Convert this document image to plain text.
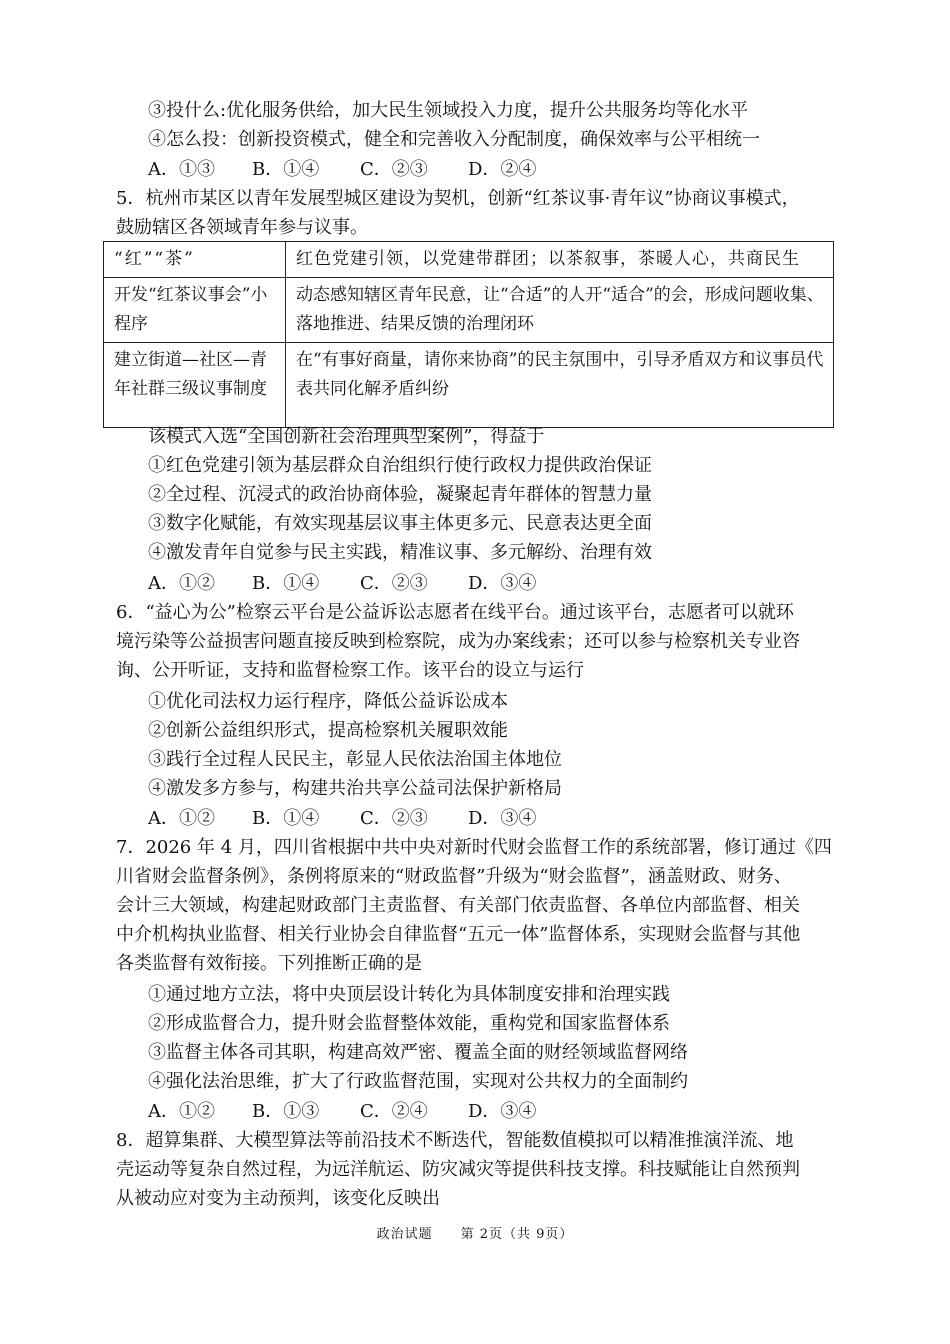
③投什么:优化服务供给，加大民生领域投入力度，提升公共服务均等化水平
④怎么投：创新投资模式，健全和完善收入分配制度，确保效率与公平相统一
A．①③ B．①④ C．②③ D．②④
5．杭州市某区以青年发展型城区建设为契机，创新“红茶议事·青年议”协商议事模式，
鼓励辖区各领域青年参与议事。
“红”“茶”	红色党建引领，以党建带群团；以茶叙事，茶暖人心，共商民生
开发“红茶议事会”小程序	动态感知辖区青年民意，让“合适”的人开“适合”的会，形成问题收集、落地推进、结果反馈的治理闭环
建立街道—社区—青年社群三级议事制度	在“有事好商量，请你来协商”的民主氛围中，引导矛盾双方和议事员代表共同化解矛盾纠纷
该模式入选“全国创新社会治理典型案例”，得益于
①红色党建引领为基层群众自治组织行使行政权力提供政治保证
②全过程、沉浸式的政治协商体验，凝聚起青年群体的智慧力量
③数字化赋能，有效实现基层议事主体更多元、民意表达更全面
④激发青年自觉参与民主实践，精准议事、多元解纷、治理有效
A．①② B．①④ C．②③ D．③④
6．“益心为公”检察云平台是公益诉讼志愿者在线平台。通过该平台，志愿者可以就环
境污染等公益损害问题直接反映到检察院，成为办案线索；还可以参与检察机关专业咨
询、公开听证，支持和监督检察工作。该平台的设立与运行
①优化司法权力运行程序，降低公益诉讼成本
②创新公益组织形式，提高检察机关履职效能
③践行全过程人民民主，彰显人民依法治国主体地位
④激发多方参与，构建共治共享公益司法保护新格局
A．①② B．①④ C．②③ D．③④
7．2026 年 4 月，四川省根据中共中央对新时代财会监督工作的系统部署，修订通过《四
川省财会监督条例》，条例将原来的“财政监督”升级为“财会监督”，涵盖财政、财务、
会计三大领域，构建起财政部门主责监督、有关部门依责监督、各单位内部监督、相关
中介机构执业监督、相关行业协会自律监督“五元一体”监督体系，实现财会监督与其他
各类监督有效衔接。下列推断正确的是
①通过地方立法，将中央顶层设计转化为具体制度安排和治理实践
②形成监督合力，提升财会监督整体效能，重构党和国家监督体系
③监督主体各司其职，构建高效严密、覆盖全面的财经领域监督网络
④强化法治思维，扩大了行政监督范围，实现对公共权力的全面制约
A．①② B．①③ C．②④ D．③④
8．超算集群、大模型算法等前沿技术不断迭代，智能数值模拟可以精准推演洋流、地
壳运动等复杂自然过程，为远洋航运、防灾减灾等提供科技支撑。科技赋能让自然预判
从被动应对变为主动预判，该变化反映出
政治试题　　第 2页（共 9页）
